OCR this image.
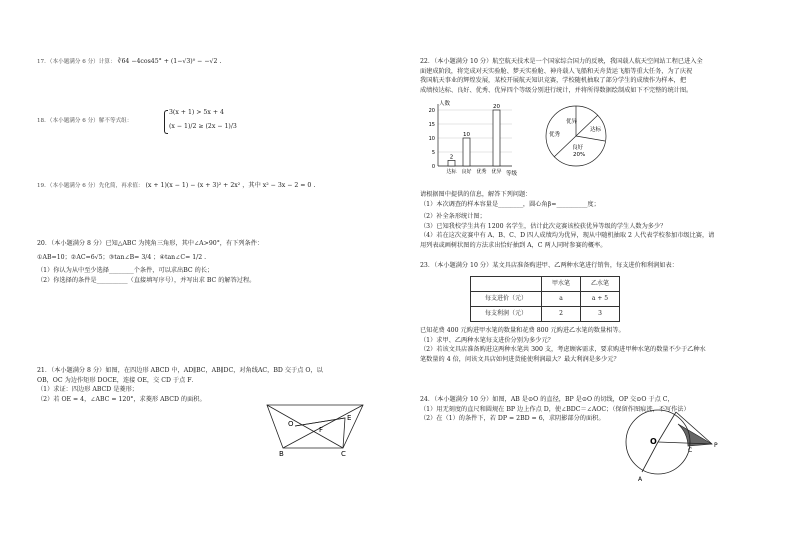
17．（本小题满分 6 分）计算： ∛64 −4cos45° + (1−√3)⁰ − −√2 .
18．（本小题满分 6 分）解不等式组：
3(x + 1) > 5x + 4
(x − 1)/2 ≥ (2x − 1)/3
19．（本小题满分 6 分）先化简，再求值： (x + 1)(x − 1) − (x + 3)² + 2x² ，其中 x² − 3x − 2 = 0 .
20．（本小题满分 8 分）已知△ABC 为钝角三角形，其中∠A>90°，有下列条件：
①AB=10；②AC=6√5；③tan∠B= 3/4 ；④tan∠C= 1/2 .
（1）你认为从中至少选择________个条件，可以求出BC 的长；
（2）你选择的条件是__________（直接填写序号），并写出求 BC 的解答过程。
21．（本小题满分 8 分）如图，在四边形 ABCD 中，AD∥BC，AB∥DC，对角线AC，BD 交于点 O，以
OB，OC 为边作矩形 DOCE，连接 OE，交 CD 于点 F．
（1）求证：四边形 ABCD 是菱形；
（2）若 OE = 4，∠ABC = 120°，求菱形 ABCD 的面积。
O
F
E
B	C
22．（本小题满分 10 分）航空航天技术是一个国家综合国力的反映，我国载人航天空间站工程已进入全
面建成阶段，将完成对天实验舱、梦天实验舱、神舟载人飞船和天舟货运飞船等重大任务，为了庆祝
我国航天事业的辉煌发展，某校开展航天知识竞赛，学校随机抽取了部分学生的成绩作为样本，把
成绩按达标、良好、优秀、优异四个等级分别进行统计，并将所得数据绘制成如下不完整的统计图。
0
5
10
15
20
人数
等级
2
达标
10
良好 优秀
20
优异
优异
优秀
达标
良好
20%
请根据图中提供的信息，解答下列问题：
（1）本次调查的样本容量是________，圆心角β=__________度；
（2）补全条形统计图；
（3）已知我校学生共有 1200 名学生，估计此次竞赛该校获优异等级的学生人数为多少？
（4）若在这次竞赛中有 A、B、C、D 四人成绩均为优异，现从中随机抽取 2 人代表学校参加市级比赛，请
用列表或画树状图的方法求出恰好抽到 A，C 两人同时参赛的概率。
23．（本小题满分 10 分）某文具店准备购进甲、乙两种水笔进行销售，每支进价和利润如表：
	甲水笔	乙水笔
每支进价（元）	a	a + 5
每支利润（元）	2	3
已知花费 400 元购进甲水笔的数量和花费 800 元购进乙水笔的数量相等。
（1）求甲、乙两种水笔每支进价分别为多少元？
（2）若该文具店准备购进这两种水笔共 300 支，考虑顾客需求，要求购进甲种水笔的数量不少于乙种水
笔数量的 4 倍，问该文具店如何进货能使利润最大？最大利润是多少元？
24．（本小题满分 10 分）如图，AB 是⊙O 的直径，BP 是⊙O 的切线，OP 交⊙O 于点 C，
（1）用无刻度的直尺和圆规在 BP 边上作点 D，使∠BDC＝∠AOC；（保留作图痕迹，不写作法）
（2）在（1）的条件下，若 DP = 2BD = 6，求阴影部分的面积。
O
C
P
A
